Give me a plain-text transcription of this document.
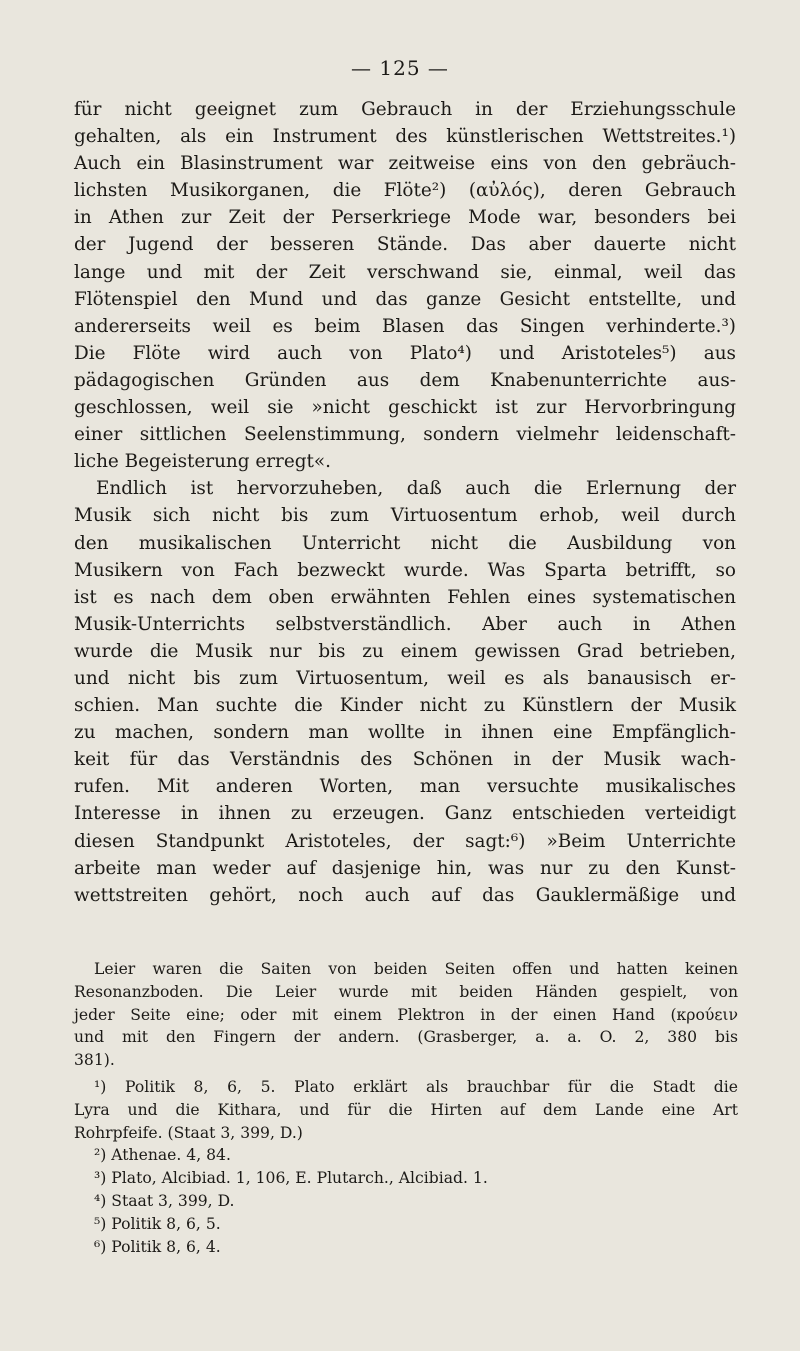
— 125 —
für nicht geeignet zum Gebrauch in der Erziehungsschule
gehalten, als ein Instrument des künstlerischen Wettstreites.¹)
Auch ein Blasinstrument war zeitweise eins von den gebräuch-
lichsten Musikorganen, die Flöte²) (αὐλός), deren Gebrauch
in Athen zur Zeit der Perserkriege Mode war, besonders bei
der Jugend der besseren Stände. Das aber dauerte nicht
lange und mit der Zeit verschwand sie, einmal, weil das
Flötenspiel den Mund und das ganze Gesicht entstellte, und
andererseits weil es beim Blasen das Singen verhinderte.³)
Die Flöte wird auch von Plato⁴) und Aristoteles⁵) aus
pädagogischen Gründen aus dem Knabenunterrichte aus-
geschlossen, weil sie »nicht geschickt ist zur Hervorbringung
einer sittlichen Seelenstimmung, sondern vielmehr leidenschaft-
liche Begeisterung erregt«.
Endlich ist hervorzuheben, daß auch die Erlernung der
Musik sich nicht bis zum Virtuosentum erhob, weil durch
den musikalischen Unterricht nicht die Ausbildung von
Musikern von Fach bezweckt wurde. Was Sparta betrifft, so
ist es nach dem oben erwähnten Fehlen eines systematischen
Musik-Unterrichts selbstverständlich. Aber auch in Athen
wurde die Musik nur bis zu einem gewissen Grad betrieben,
und nicht bis zum Virtuosentum, weil es als banausisch er-
schien. Man suchte die Kinder nicht zu Künstlern der Musik
zu machen, sondern man wollte in ihnen eine Empfänglich-
keit für das Verständnis des Schönen in der Musik wach-
rufen. Mit anderen Worten, man versuchte musikalisches
Interesse in ihnen zu erzeugen. Ganz entschieden verteidigt
diesen Standpunkt Aristoteles, der sagt:⁶) »Beim Unterrichte
arbeite man weder auf dasjenige hin, was nur zu den Kunst-
wettstreiten gehört, noch auch auf das Gauklermäßige und
Leier waren die Saiten von beiden Seiten offen und hatten keinen
Resonanzboden. Die Leier wurde mit beiden Händen gespielt, von
jeder Seite eine; oder mit einem Plektron in der einen Hand (κρούειν
und mit den Fingern der andern. (Grasberger, a. a. O. 2, 380 bis
381).
¹) Politik 8, 6, 5. Plato erklärt als brauchbar für die Stadt die
Lyra und die Kithara, und für die Hirten auf dem Lande eine Art
Rohrpfeife. (Staat 3, 399, D.)
²) Athenae. 4, 84.
³) Plato, Alcibiad. 1, 106, E. Plutarch., Alcibiad. 1.
⁴) Staat 3, 399, D.
⁵) Politik 8, 6, 5.
⁶) Politik 8, 6, 4.
